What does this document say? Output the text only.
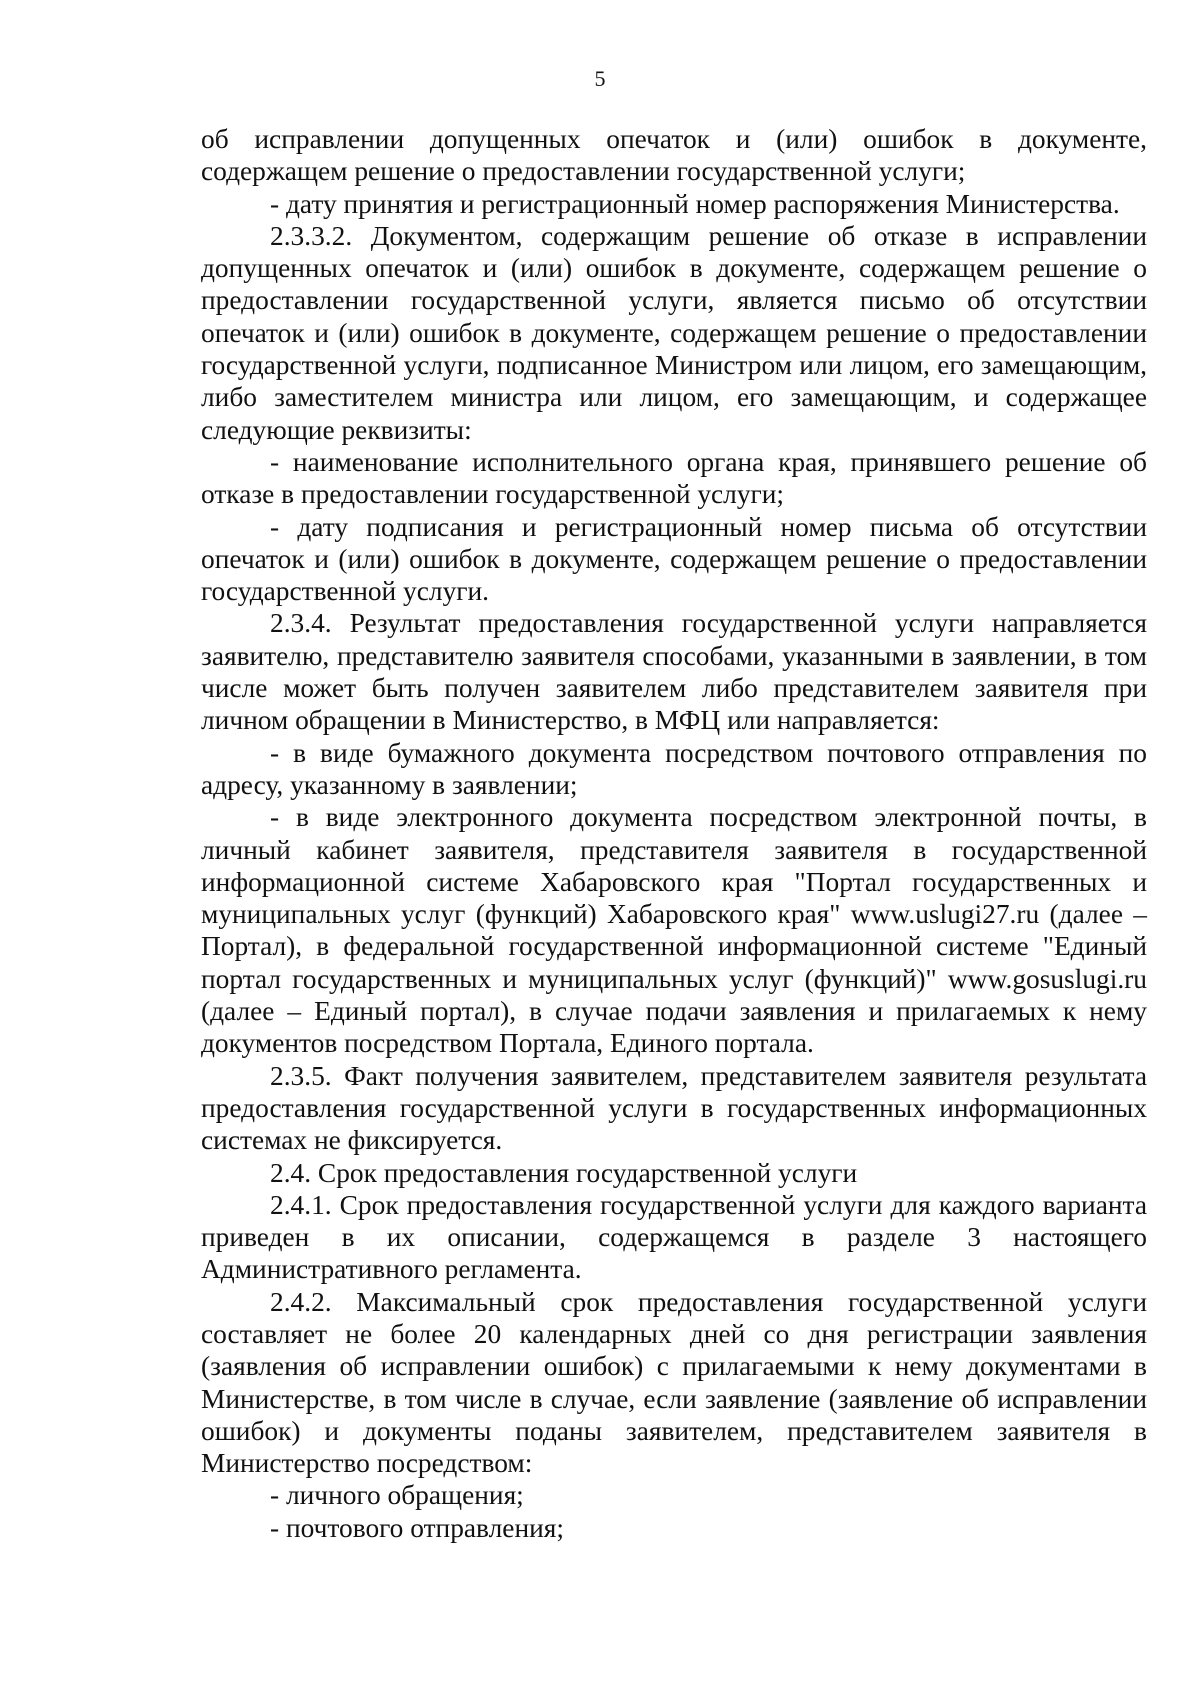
5

об исправлении допущенных опечаток и (или) ошибок в документе, содержащем решение о предоставлении государственной услуги;

- дату принятия и регистрационный номер распоряжения Министерства.

2.3.3.2. Документом, содержащим решение об отказе в исправлении допущенных опечаток и (или) ошибок в документе, содержащем решение о предоставлении государственной услуги, является письмо об отсутствии опечаток и (или) ошибок в документе, содержащем решение о предоставлении государственной услуги, подписанное Министром или лицом, его замещающим, либо заместителем министра или лицом, его замещающим, и содержащее следующие реквизиты:

- наименование исполнительного органа края, принявшего решение об отказе в предоставлении государственной услуги;

- дату подписания и регистрационный номер письма об отсутствии опечаток и (или) ошибок в документе, содержащем решение о предоставлении государственной услуги.

2.3.4. Результат предоставления государственной услуги направляется заявителю, представителю заявителя способами, указанными в заявлении, в том числе может быть получен заявителем либо представителем заявителя при личном обращении в Министерство, в МФЦ или направляется:

- в виде бумажного документа посредством почтового отправления по адресу, указанному в заявлении;

- в виде электронного документа посредством электронной почты, в личный кабинет заявителя, представителя заявителя в государственной информационной системе Хабаровского края "Портал государственных и муниципальных услуг (функций) Хабаровского края" www.uslugi27.ru (далее – Портал), в федеральной государственной информационной системе "Единый портал государственных и муниципальных услуг (функций)" www.gosuslugi.ru (далее – Единый портал), в случае подачи заявления и прилагаемых к нему документов посредством Портала, Единого портала.

2.3.5. Факт получения заявителем, представителем заявителя результата предоставления государственной услуги в государственных информационных системах не фиксируется.

2.4. Срок предоставления государственной услуги

2.4.1. Срок предоставления государственной услуги для каждого варианта приведен в их описании, содержащемся в разделе 3 настоящего Административного регламента.

2.4.2. Максимальный срок предоставления государственной услуги составляет не более 20 календарных дней со дня регистрации заявления (заявления об исправлении ошибок) с прилагаемыми к нему документами в Министерстве, в том числе в случае, если заявление (заявление об исправлении ошибок) и документы поданы заявителем, представителем заявителя в Министерство посредством:

- личного обращения;

- почтового отправления;
